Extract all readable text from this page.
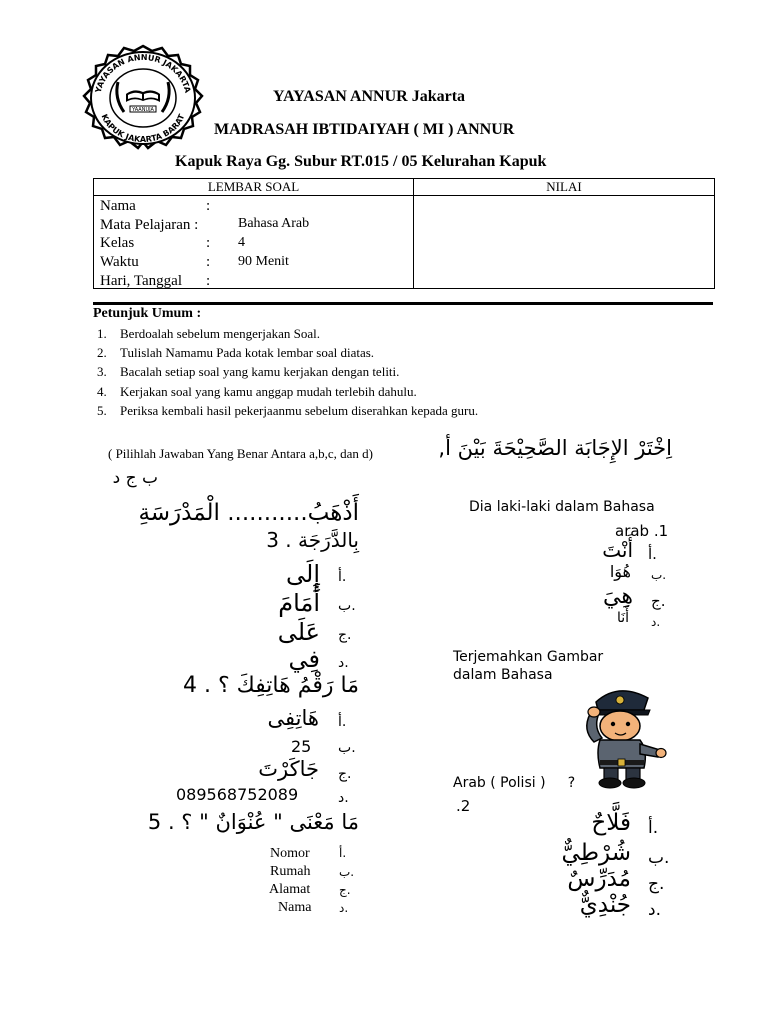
YAYASAN ANNUR JAKARTA
KAPUK JAKARTA BARAT
YAANUJA
YAYASAN ANNUR Jakarta
MADRASAH IBTIDAIYAH ( MI ) ANNUR
Kapuk Raya Gg. Subur RT.015 / 05 Kelurahan Kapuk
LEMBAR SOAL	NILAI
Nama	:
Mata Pelajaran :	Bahasa Arab
Kelas	: 4
Waktu	: 90 Menit
Hari, Tanggal :
Petunjuk Umum :
1. Berdoalah sebelum mengerjakan Soal.
2. Tulislah Namamu Pada kotak lembar soal diatas.
3. Bacalah setiap soal yang kamu kerjakan dengan teliti.
4. Kerjakan soal yang kamu anggap mudah terlebih dahulu.
5. Periksa kembali hasil pekerjaanmu sebelum diserahkan kepada guru.
( Pilihlah Jawaban Yang Benar Antara a,b,c, dan d)	اِخْتَرْ الإِجَابَة الصَّحِيْحَةَ بَيْنَ أ,
ب ج د
أَذْهَبُ........... الْمَدْرَسَةِ
بِالدَّرَجَة . 3
أ.
إِلَى
ب.
أَمَامَ
ج.
عَلَى
د.
فِي
مَا رَقْمُ هَاتِفِكَ ؟ . 4
أ.
هَاتِفِى
ب.
25
ج.
جَاكَرْتَ
د.
089568752089
مَا مَعْنَى " عُنْوَانٌ " ؟ . 5
Nomor أ.
Rumah ب.
Alamat ج.
Nama د.
Dia laki-laki dalam Bahasa
arab .1
أ.
أَنْتَ
ب.
هُوَا
ج.
هِيَ
د.
أَنَا
Terjemahkan Gambar
dalam Bahasa
Arab ( Polisi )     ?
.2
أ.
فَلَّاحٌ
ب.
شُرْطِيٌّ
ج.
مُدَرِّسٌ
د.
جُنْدِيٌّ
